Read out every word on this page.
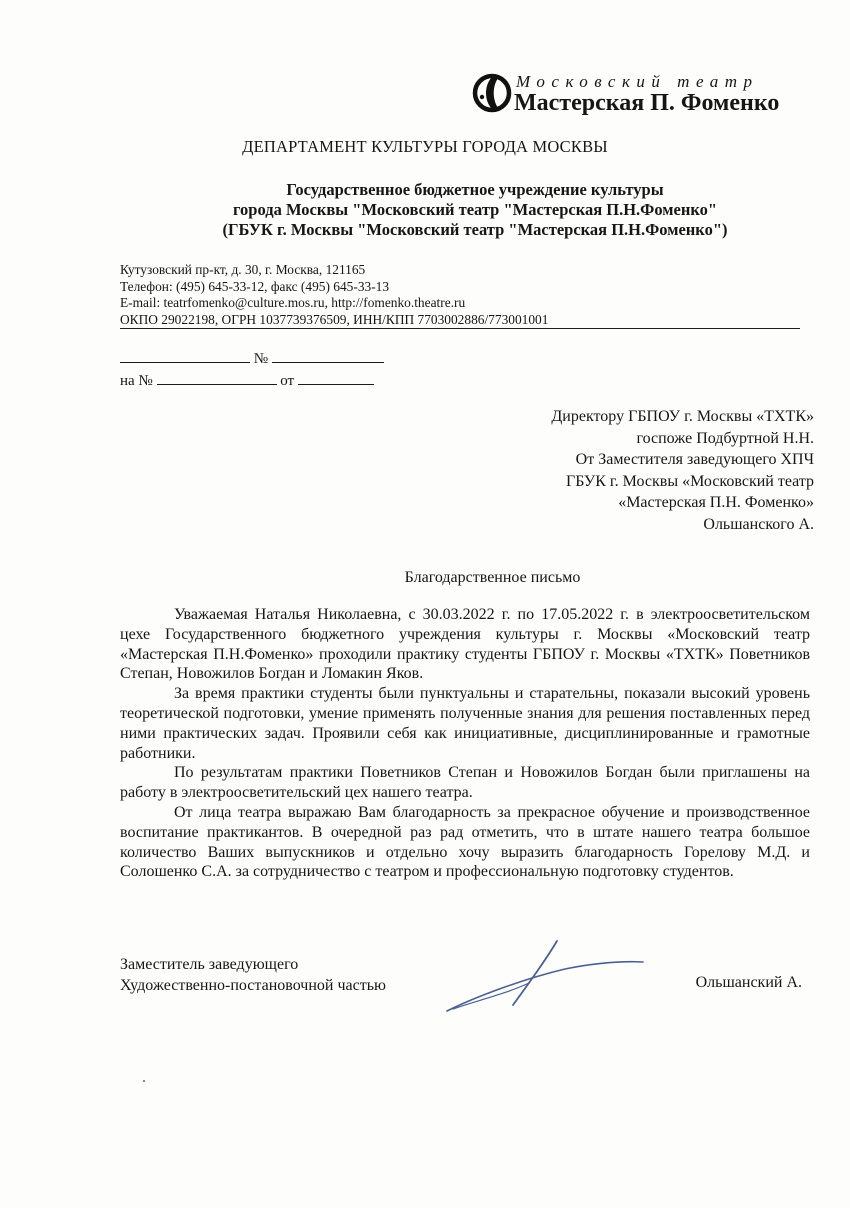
Московский театр
Мастерская П. Фоменко
ДЕПАРТАМЕНТ КУЛЬТУРЫ ГОРОДА МОСКВЫ
Государственное бюджетное учреждение культуры
города Москвы "Московский театр "Мастерская П.Н.Фоменко"
(ГБУК г. Москвы "Московский театр "Мастерская П.Н.Фоменко")
Кутузовский пр-кт, д. 30, г. Москва, 121165
Телефон: (495) 645-33-12, факс (495) 645-33-13
E-mail: teatrfomenko@culture.mos.ru, http://fomenko.theatre.ru
ОКПО 29022198, ОГРН 1037739376509, ИНН/КПП 7703002886/773001001
№
на №	от
Директору ГБПОУ г. Москвы «ТХТК»
госпоже Подбуртной Н.Н.
От Заместителя заведующего ХПЧ
ГБУК г. Москвы «Московский театр
«Мастерская П.Н. Фоменко»
Ольшанского А.
Благодарственное письмо

Уважаемая Наталья Николаевна, с 30.03.2022 г. по 17.05.2022 г. в электроосветительском цехе Государственного бюджетного учреждения культуры г. Москвы «Московский театр «Мастерская П.Н.Фоменко» проходили практику студенты ГБПОУ г. Москвы «ТХТК» Поветников Степан, Новожилов Богдан и Ломакин Яков.

За время практики студенты были пунктуальны и старательны, показали высокий уровень теоретической подготовки, умение применять полученные знания для решения поставленных перед ними практических задач. Проявили себя как инициативные, дисциплинированные и грамотные работники.

По результатам практики Поветников Степан и Новожилов Богдан были приглашены на работу в электроосветительский цех нашего театра.

От лица театра выражаю Вам благодарность за прекрасное обучение и производственное воспитание практикантов. В очередной раз рад отметить, что в штате нашего театра большое количество Ваших выпускников и отдельно хочу выразить благодарность Горелову М.Д. и Солошенко С.А. за сотрудничество с театром и профессиональную подготовку студентов.

Заместитель заведующего
Художественно-постановочной частью	Ольшанский А.
